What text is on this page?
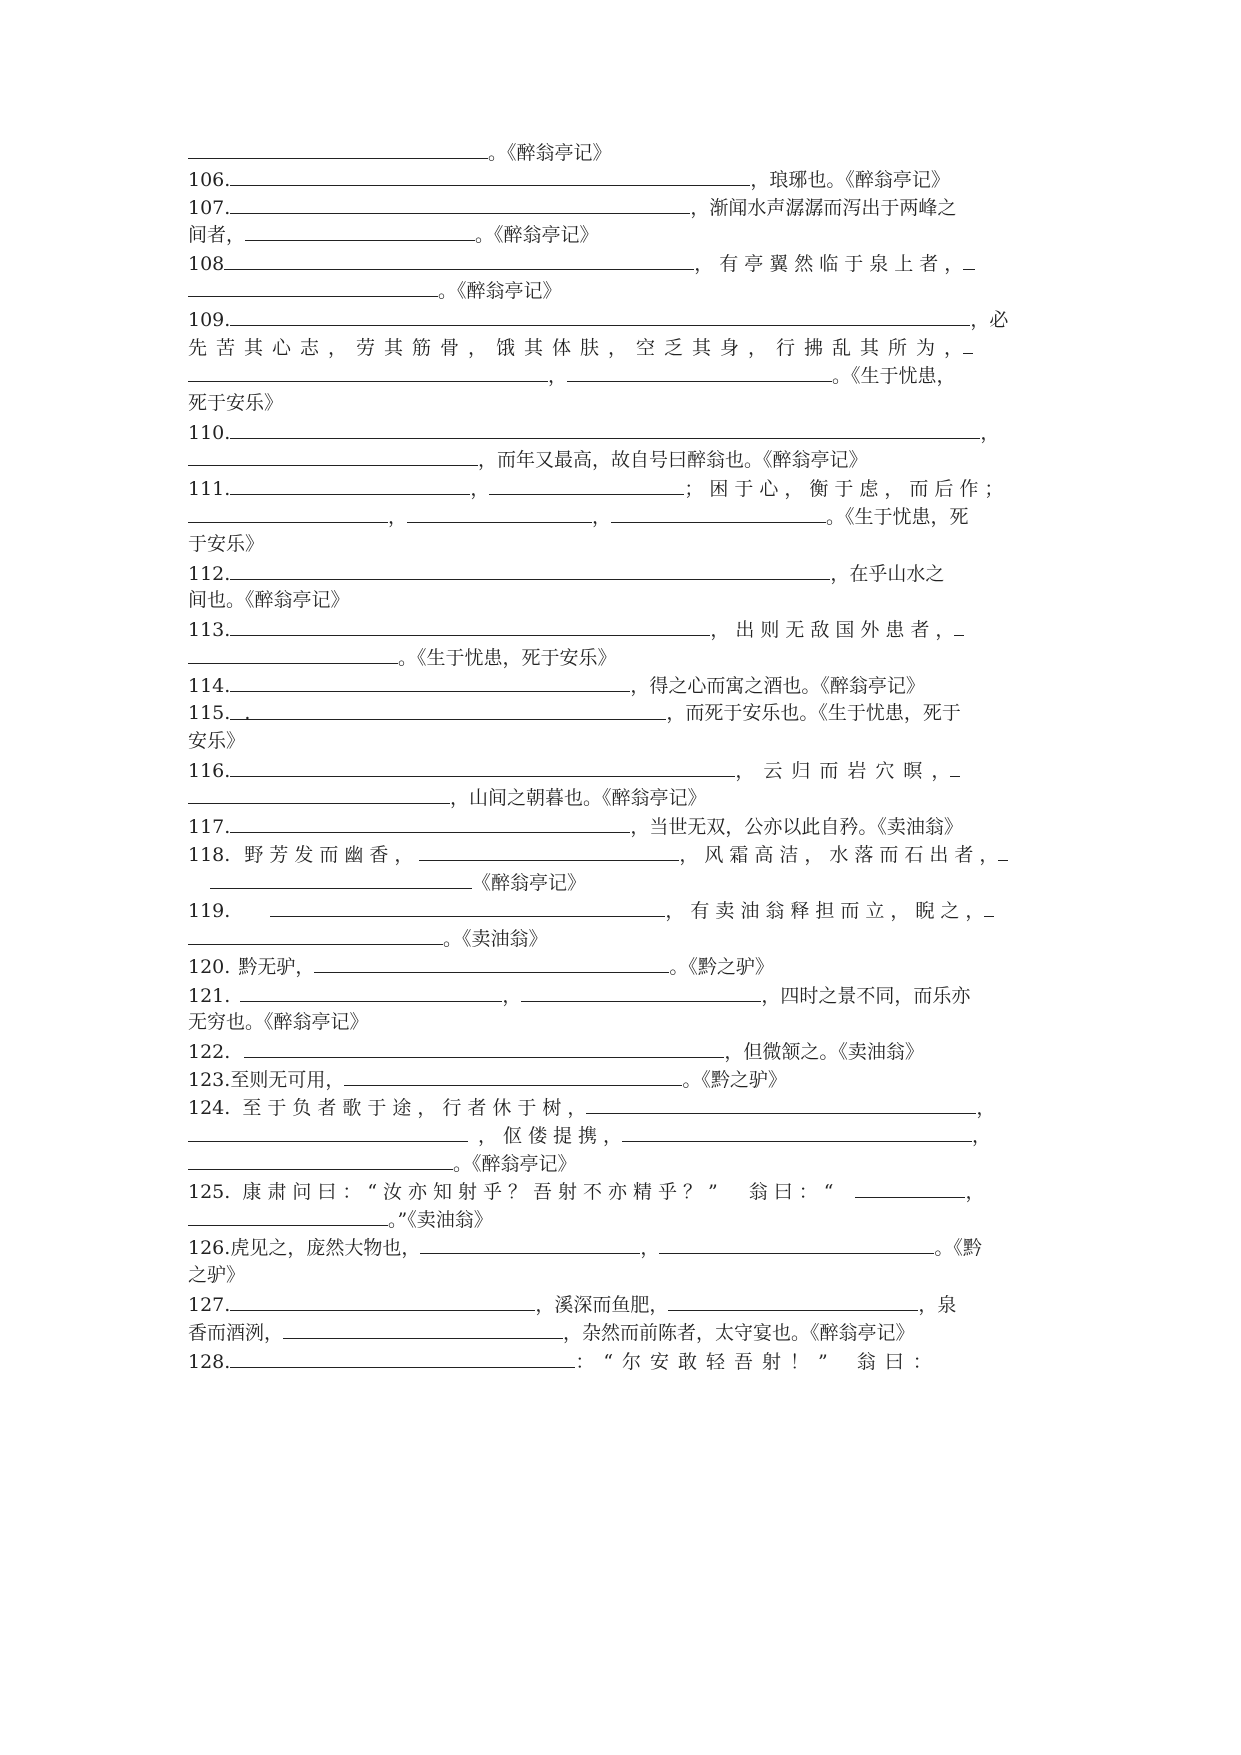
。《醉翁亭记》
106.	，琅琊也。《醉翁亭记》
107.	，渐闻水声潺潺而泻出于两峰之
间者，	。《醉翁亭记》
108	，有亭翼然临于泉上者，
。《醉翁亭记》
109.	，必
先苦其心志，劳其筋骨，饿其体肤，空乏其身，行拂乱其所为，
，	。《生于忧患，
死于安乐》
110.	，
，而年又最高，故自号曰醉翁也。《醉翁亭记》
111.	，	；困于心，衡于虑，而后作；
，	，	。《生于忧患，死
于安乐》
112.	，在乎山水之
间也。《醉翁亭记》
113.	，出则无敌国外患者，
。《生于忧患，死于安乐》
114.	，得之心而寓之酒也。《醉翁亭记》
115. .	，而死于安乐也。《生于忧患，死于
安乐》
116.	，云归而岩穴暝，
，山间之朝暮也。《醉翁亭记》
117.	，当世无双，公亦以此自矜。《卖油翁》
118. 野芳发而幽香，	，风霜高洁，水落而石出者，
《醉翁亭记》
119.	，有卖油翁释担而立，睨之，
。《卖油翁》
120. 黔无驴，	。《黔之驴》
121.	，	，四时之景不同，而乐亦
无穷也。《醉翁亭记》
122.	，但微颔之。《卖油翁》
123.至则无可用，	。《黔之驴》
124. 至于负者歌于途，行者休于树，	，
，伛偻提携，	，
。《醉翁亭记》
125. 康肃问曰：“汝亦知射乎？吾射不亦精乎？”　翁曰：“	，
。”《卖油翁》
126.虎见之，庞然大物也，	，	。《黔
之驴》
127.	，溪深而鱼肥，	，泉
香而酒洌，	，杂然而前陈者，太守宴也。《醉翁亭记》
128.	：“尔安敢轻吾射！” 翁曰：
